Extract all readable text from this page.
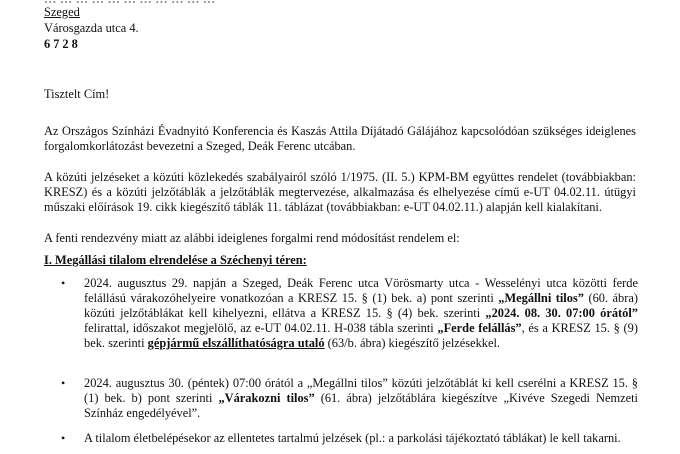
Szeged
Városgazda utca 4.
6728
Tisztelt Cím!
Az Országos Színházi Évadnyitó Konferencia és Kaszás Attila Díjátadó Gálájához kapcsolódóan szükséges ideiglenes forgalomkorlátozást bevezetni a Szeged, Deák Ferenc utcában.
A közúti jelzéseket a közúti közlekedés szabályairól szóló 1/1975. (II. 5.) KPM-BM együttes rendelet (továbbiakban: KRESZ) és a közúti jelzőtáblák a jelzőtáblák megtervezése, alkalmazása és elhelyezése című e-UT 04.02.11. útügyi műszaki előírások 19. cikk kiegészítő táblák 11. táblázat (továbbiakban: e-UT 04.02.11.) alapján kell kialakítani.
A fenti rendezvény miatt az alábbi ideiglenes forgalmi rend módosítást rendelem el:
I. Megállási tilalom elrendelése a Széchenyi téren:
• 2024. augusztus 29. napján a Szeged, Deák Ferenc utca Vörösmarty utca - Wesselényi utca közötti ferde felállású várakozóhelyeire vonatkozóan a KRESZ 15. § (1) bek. a) pont szerinti „Megállni tilos” (60. ábra) közúti jelzőtáblákat kell kihelyezni, ellátva a KRESZ 15. § (4) bek. szerinti „2024. 08. 30. 07:00 órától” felirattal, időszakot megjelölő, az e-UT 04.02.11. H-038 tábla szerinti „Ferde felállás”, és a KRESZ 15. § (9) bek. szerinti gépjármű elszállíthatóságra utaló (63/b. ábra) kiegészítő jelzésekkel.
• 2024. augusztus 30. (péntek) 07:00 órától a „Megállni tilos” közúti jelzőtáblát ki kell cserélni a KRESZ 15. § (1) bek. b) pont szerinti „Várakozni tilos” (61. ábra) jelzőtáblára kiegészítve „Kivéve Szegedi Nemzeti Színház engedélyével”.
• A tilalom életbelépésekor az ellentetes tartalmú jelzések (pl.: a parkolási tájékoztató táblákat) le kell takarni.
